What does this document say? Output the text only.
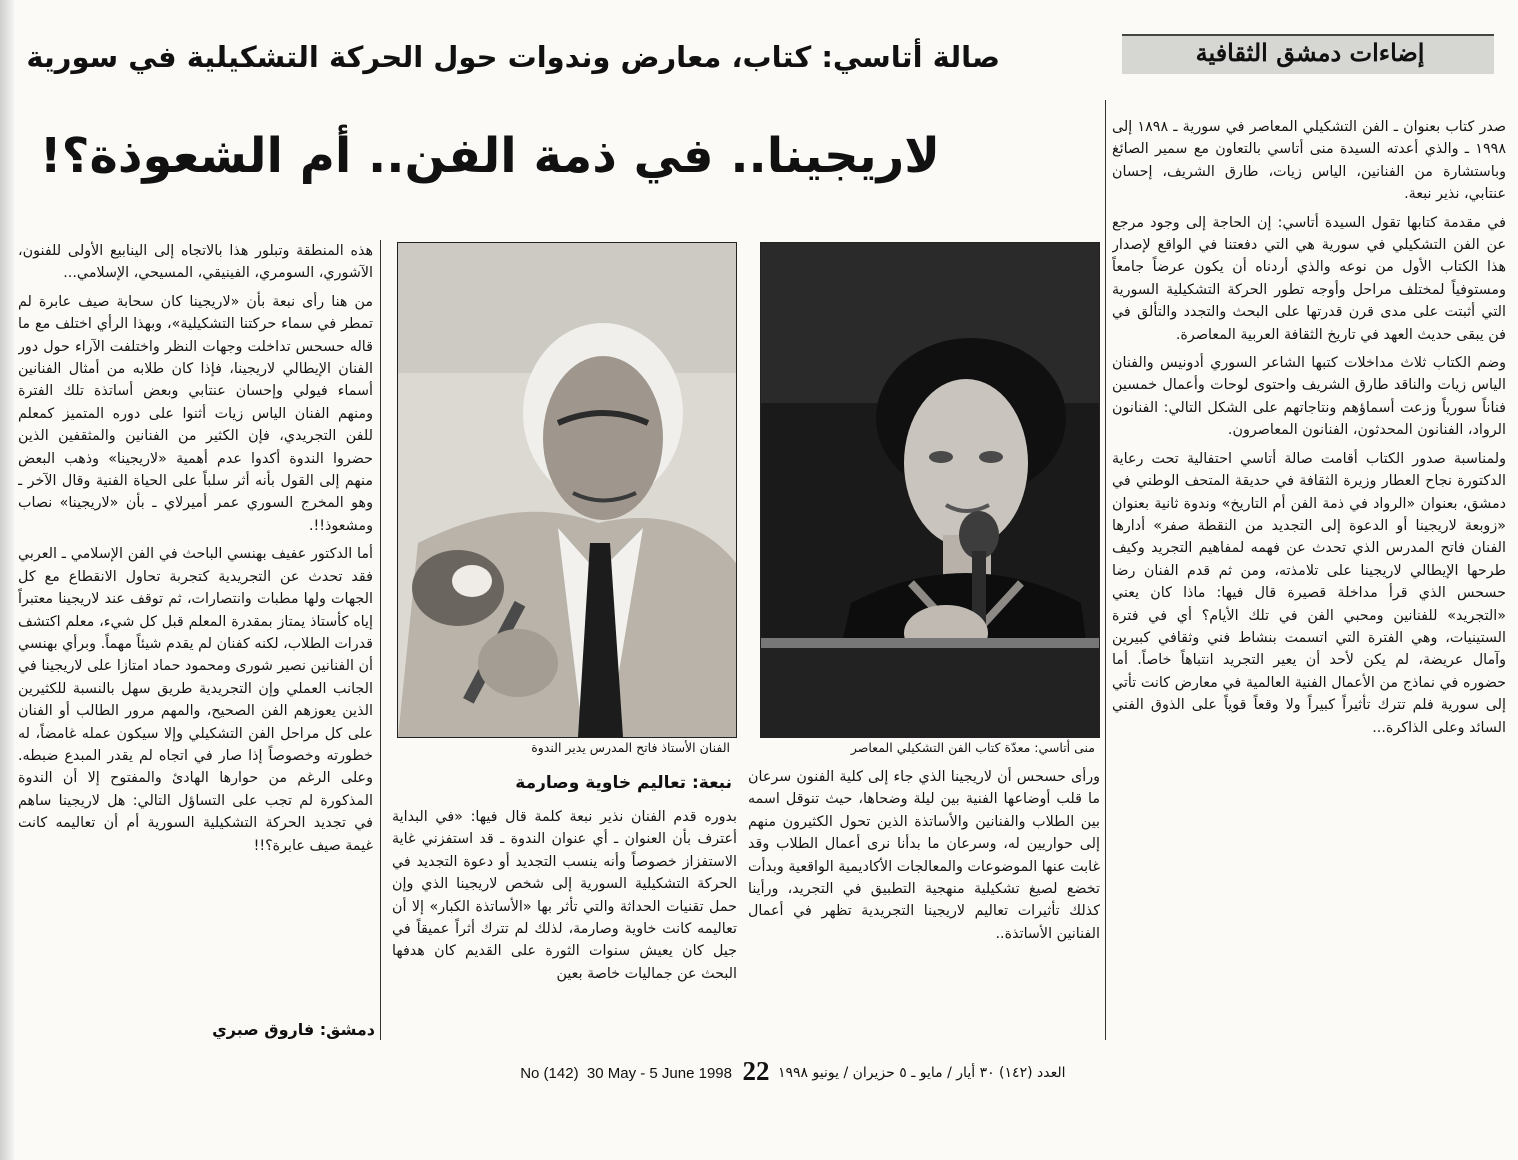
إضاءات دمشق الثقافية
صالة أتاسي: كتاب، معارض وندوات حول الحركة التشكيلية في سورية
لاريجينا.. في ذمة الفن.. أم الشعوذة؟!

صدر كتاب بعنوان ـ الفن التشكيلي المعاصر في سورية ـ ١٨٩٨ إلى ١٩٩٨ ـ والذي أعدته السيدة منى أتاسي بالتعاون مع سمير الصائغ وباستشارة من الفنانين، الياس زيات، طارق الشريف، إحسان عنتابي، نذير نبعة.

في مقدمة كتابها تقول السيدة أتاسي: إن الحاجة إلى وجود مرجع عن الفن التشكيلي في سورية هي التي دفعتنا في الواقع لإصدار هذا الكتاب الأول من نوعه والذي أردناه أن يكون عرضاً جامعاً ومستوفياً لمختلف مراحل وأوجه تطور الحركة التشكيلية السورية التي أثبتت على مدى قرن قدرتها على البحث والتجدد والتألق في فن يبقى حديث العهد في تاريخ الثقافة العربية المعاصرة.

وضم الكتاب ثلاث مداخلات كتبها الشاعر السوري أدونيس والفنان الياس زيات والناقد طارق الشريف واحتوى لوحات وأعمال خمسين فناناً سورياً وزعت أسماؤهم ونتاجاتهم على الشكل التالي: الفنانون الرواد، الفنانون المحدثون، الفنانون المعاصرون.

ولمناسبة صدور الكتاب أقامت صالة أتاسي احتفالية تحت رعاية الدكتورة نجاح العطار وزيرة الثقافة في حديقة المتحف الوطني في دمشق، بعنوان «الرواد في ذمة الفن أم التاريخ» وندوة ثانية بعنوان «زوبعة لاريجينا أو الدعوة إلى التجديد من النقطة صفر» أدارها الفنان فاتح المدرس الذي تحدث عن فهمه لمفاهيم التجريد وكيف طرحها الإيطالي لاريجينا على تلامذته، ومن ثم قدم الفنان رضا حسحس الذي قرأ مداخلة قصيرة قال فيها: ماذا كان يعني «التجريد» للفنانين ومحبي الفن في تلك الأيام؟ أي في فترة الستينيات، وهي الفترة التي اتسمت بنشاط فني وثقافي كبيرين وآمال عريضة، لم يكن لأحد أن يعير التجريد انتباهاً خاصاً. أما حضوره في نماذج من الأعمال الفنية العالمية في معارض كانت تأتي إلى سورية فلم تترك تأثيراً كبيراً ولا وقعاً قوياً على الذوق الفني السائد وعلى الذاكرة...

منى أتاسي: معدّة كتاب الفن التشكيلي المعاصر
الفنان الأستاذ فاتح المدرس يدير الندوة

ورأى حسحس أن لاريجينا الذي جاء إلى كلية الفنون سرعان ما قلب أوضاعها الفنية بين ليلة وضحاها، حيث تنوقل اسمه بين الطلاب والفنانين والأساتذة الذين تحول الكثيرون منهم إلى حواريين له، وسرعان ما بدأنا نرى أعمال الطلاب وقد غابت عنها الموضوعات والمعالجات الأكاديمية الواقعية وبدأت تخضع لصيغ تشكيلية منهجية التطبيق في التجريد، ورأينا كذلك تأثيرات تعاليم لاريجينا التجريدية تظهر في أعمال الفنانين الأساتذة..

نبعة: تعاليم خاوية وصارمة

بدوره قدم الفنان نذير نبعة كلمة قال فيها: «في البداية أعترف بأن العنوان ـ أي عنوان الندوة ـ قد استفزني غاية الاستفزاز خصوصاً وأنه ينسب التجديد أو دعوة التجديد في الحركة التشكيلية السورية إلى شخص لاريجينا الذي وإن حمل تقنيات الحداثة والتي تأثر بها «الأساتذة الكبار» إلا أن تعاليمه كانت خاوية وصارمة، لذلك لم تترك أثراً عميقاً في جيل كان يعيش سنوات الثورة على القديم كان هدفها البحث عن جماليات خاصة بعين

هذه المنطقة وتبلور هذا بالاتجاه إلى الينابيع الأولى للفنون، الآشوري، السومري، الفينيقي، المسيحي، الإسلامي...

من هنا رأى نبعة بأن «لاريجينا كان سحابة صيف عابرة لم تمطر في سماء حركتنا التشكيلية»، وبهذا الرأي اختلف مع ما قاله حسحس تداخلت وجهات النظر واختلفت الآراء حول دور الفنان الإيطالي لاريجينا، فإذا كان طلابه من أمثال الفنانين أسماء فيولي وإحسان عنتابي وبعض أساتذة تلك الفترة ومنهم الفنان الياس زيات أثنوا على دوره المتميز كمعلم للفن التجريدي، فإن الكثير من الفنانين والمثقفين الذين حضروا الندوة أكدوا عدم أهمية «لاريجينا» وذهب البعض منهم إلى القول بأنه أثر سلباً على الحياة الفنية وقال الآخر ـ وهو المخرج السوري عمر أميرلاي ـ بأن «لاريجينا» نصاب ومشعوذ!!.

أما الدكتور عفيف بهنسي الباحث في الفن الإسلامي ـ العربي فقد تحدث عن التجريدية كتجربة تحاول الانقطاع مع كل الجهات ولها مطبات وانتصارات، ثم توقف عند لاريجينا معتبراً إياه كأستاذ يمتاز بمقدرة المعلم قبل كل شيء، معلم اكتشف قدرات الطلاب، لكنه كفنان لم يقدم شيئاً مهماً. وبرأي بهنسي أن الفنانين نصير شورى ومحمود حماد امتازا على لاريجينا في الجانب العملي وإن التجريدية طريق سهل بالنسبة للكثيرين الذين يعوزهم الفن الصحيح، والمهم مرور الطالب أو الفنان على كل مراحل الفن التشكيلي وإلا سيكون عمله غامضاً، له خطورته وخصوصاً إذا صار في اتجاه لم يقدر المبدع ضبطه. وعلى الرغم من حوارها الهادئ والمفتوح إلا أن الندوة المذكورة لم تجب على التساؤل التالي: هل لاريجينا ساهم في تجديد الحركة التشكيلية السورية أم أن تعاليمه كانت غيمة صيف عابرة؟!!

دمشق: فاروق صبري
No (142)  30 May - 5 June 1998 22 العدد (١٤٢) ٣٠ أيار / مايو ـ ٥ حزيران / يونيو ١٩٩٨
